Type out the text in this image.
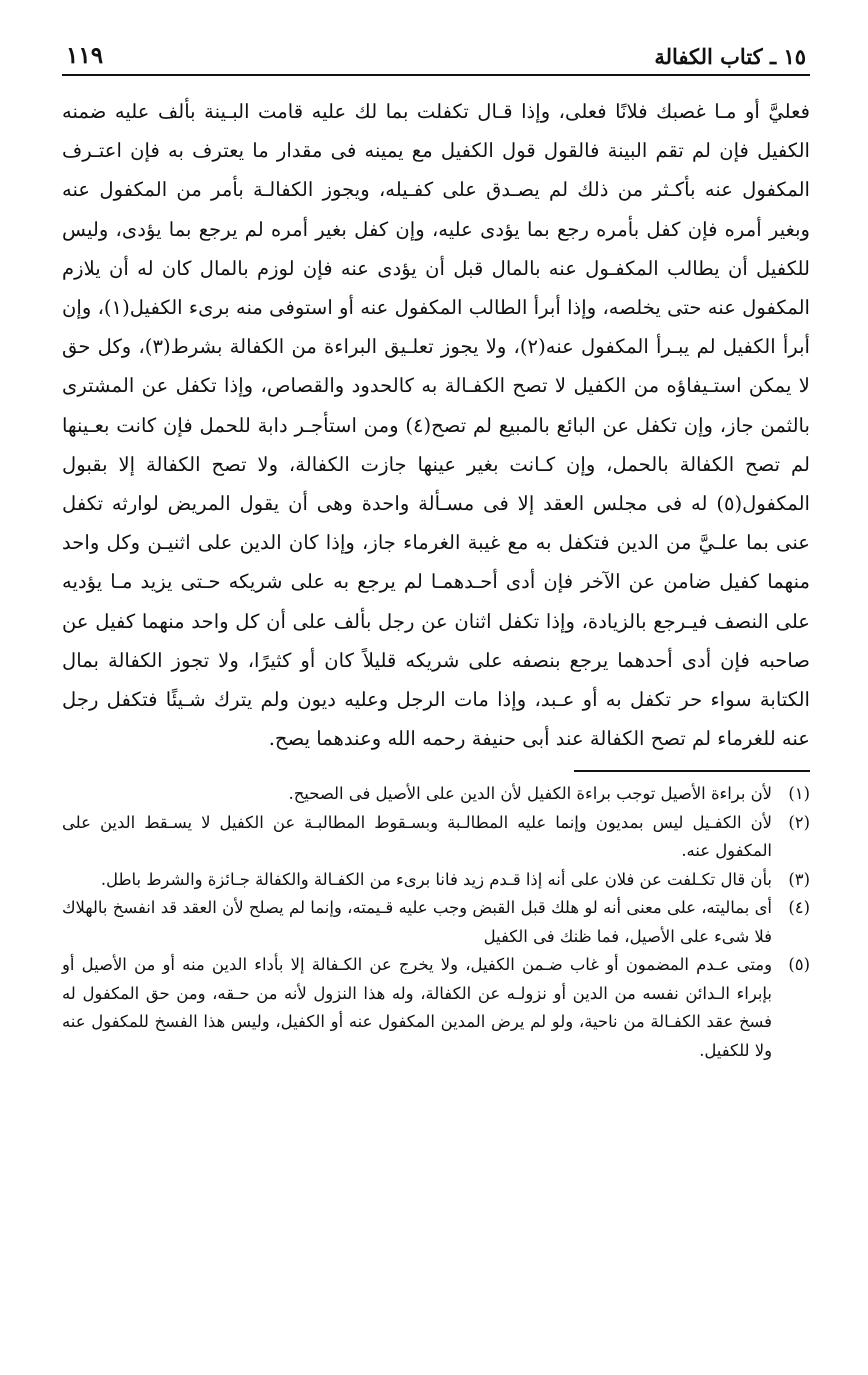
١٥ ـ كتاب الكفالة
١١٩

فعليَّ أو مـا غصبك فلانًا فعلى، وإذا قـال تكفلت بما لك عليه قامت البـينة بألف عليه ضمنه الكفيل فإن لم تقم البينة فالقول قول الكفيل مع يمينه فى مقدار ما يعترف به فإن اعتـرف المكفول عنه بأكـثر من ذلك لم يصـدق على كفـيله، ويجوز الكفالـة بأمر من المكفول عنه وبغير أمره فإن كفل بأمره رجع بما يؤدى عليه، وإن كفل بغير أمره لم يرجع بما يؤدى، وليس للكفيل أن يطالب المكفـول عنه بالمال قبل أن يؤدى عنه فإن لوزم بالمال كان له أن يلازم المكفول عنه حتى يخلصه، وإذا أبرأ الطالب المكفول عنه أو استوفى منه برىء الكفيل(١)، وإن أبرأ الكفيل لم يبـرأ المكفول عنه(٢)، ولا يجوز تعلـيق البراءة من الكفالة بشرط(٣)، وكل حق لا يمكن استـيفاؤه من الكفيل لا تصح الكفـالة به كالحدود والقصاص، وإذا تكفل عن المشترى بالثمن جاز، وإن تكفل عن البائع بالمبيع لم تصح(٤) ومن استأجـر دابة للحمل فإن كانت بعـينها لم تصح الكفالة بالحمل، وإن كـانت بغير عينها جازت الكفالة، ولا تصح الكفالة إلا بقبول المكفول(٥) له فى مجلس العقد إلا فى مسـألة واحدة وهى أن يقول المريض لوارثه تكفل عنى بما علـيَّ من الدين فتكفل به مع غيبة الغرماء جاز، وإذا كان الدين على اثنيـن وكل واحد منهما كفيل ضامن عن الآخر فإن أدى أحـدهمـا لم يرجع به على شريكه حـتى يزيد مـا يؤديه على النصف فيـرجع بالزيادة، وإذا تكفل اثنان عن رجل بألف على أن كل واحد منهما كفيل عن صاحبه فإن أدى أحدهما يرجع بنصفه على شريكه قليلاً كان أو كثيرًا، ولا تجوز الكفالة بمال الكتابة سواء حر تكفل به أو عـبد، وإذا مات الرجل وعليه ديون ولم يترك شـيئًا فتكفل رجل عنه للغرماء لم تصح الكفالة عند أبى حنيفة رحمه الله وعندهما يصح.

(١)
لأن براءة الأصيل توجب براءة الكفيل لأن الدين على الأصيل فى الصحيح.
(٢)
لأن الكفـيل ليس بمديون وإنما عليه المطالـبة وبسـقوط المطالبـة عن الكفيل لا يسـقط الدين على المكفول عنه.
(٣)
بأن قال تكـلفت عن فلان على أنه إذا قـدم زيد فانا برىء من الكفـالة والكفالة جـائزة والشرط باطل.
(٤)
أى بماليته، على معنى أنه لو هلك قبل القبض وجب عليه قـيمته، وإنما لم يصلح لأن العقد قد انفسخ بالهلاك فلا شىء على الأصيل، فما ظنك فى الكفيل
(٥)
ومتى عـدم المضمون أو غاب ضـمن الكفيل، ولا يخرج عن الكـفالة إلا بأداء الدين منه أو من الأصيل أو بإبراء الـدائن نفسه من الدين أو نزولـه عن الكفالة، وله هذا النزول لأنه من حـقه، ومن حق المكفول له فسخ عقد الكفـالة من ناحية، ولو لم يرض المدين المكفول عنه أو الكفيل، وليس هذا الفسخ للمكفول عنه ولا للكفيل.
